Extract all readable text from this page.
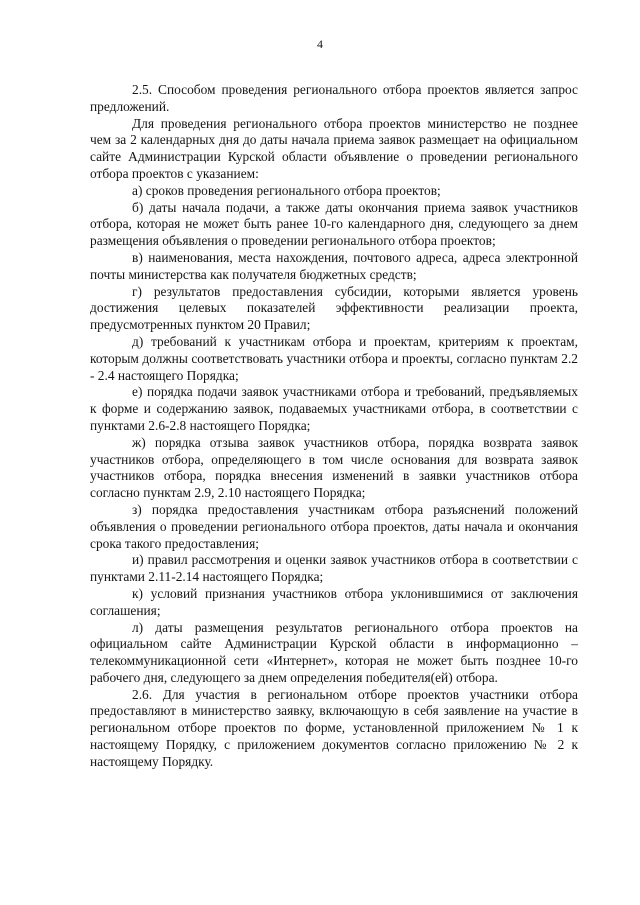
4

2.5. Способом проведения регионального отбора проектов является запрос предложений.

Для проведения регионального отбора проектов министерство не позднее чем за 2 календарных дня до даты начала приема заявок размещает на официальном сайте Администрации Курской области объявление о проведении регионального отбора проектов с указанием:

а) сроков проведения регионального отбора проектов;

б) даты начала подачи, а также даты окончания приема заявок участников отбора, которая не может быть ранее 10-го календарного дня, следующего за днем размещения объявления о проведении регионального отбора проектов;

в) наименования, места нахождения, почтового адреса, адреса электронной почты министерства как получателя бюджетных средств;

г) результатов предоставления субсидии, которыми является уровень достижения целевых показателей эффективности реализации проекта, предусмотренных пунктом 20 Правил;

д) требований к участникам отбора и проектам, критериям к проектам, которым должны соответствовать участники отбора и проекты, согласно пунктам 2.2 - 2.4 настоящего Порядка;

е) порядка подачи заявок участниками отбора и требований, предъявляемых к форме и содержанию заявок, подаваемых участниками отбора, в соответствии с пунктами 2.6-2.8 настоящего Порядка;

ж) порядка отзыва заявок участников отбора, порядка возврата заявок участников отбора, определяющего в том числе основания для возврата заявок участников отбора, порядка внесения изменений в заявки участников отбора согласно пунктам 2.9, 2.10 настоящего Порядка;

з) порядка предоставления участникам отбора разъяснений положений объявления о проведении регионального отбора проектов, даты начала и окончания срока такого предоставления;

и) правил рассмотрения и оценки заявок участников отбора в соответствии с пунктами 2.11-2.14 настоящего Порядка;

к) условий признания участников отбора уклонившимися от заключения соглашения;

л) даты размещения результатов регионального отбора проектов на официальном сайте Администрации Курской области в информационно – телекоммуникационной сети «Интернет», которая не может быть позднее 10-го рабочего дня, следующего за днем определения победителя(ей) отбора.

2.6. Для участия в региональном отборе проектов участники отбора предоставляют в министерство заявку, включающую в себя заявление на участие в региональном отборе проектов по форме, установленной приложением № 1 к настоящему Порядку, с приложением документов согласно приложению № 2 к настоящему Порядку.
